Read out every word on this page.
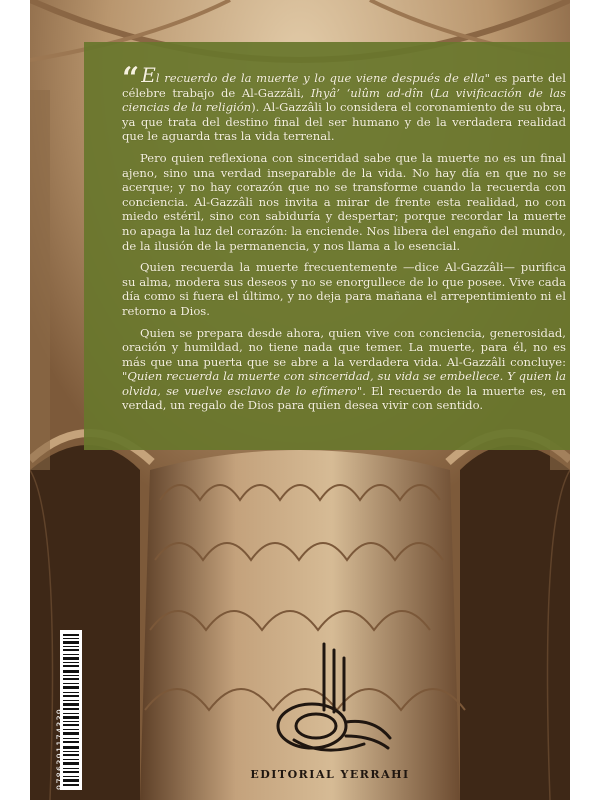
“ El recuerdo de la muerte y lo que viene después de ella" es parte del célebre trabajo de Al-Gazzâli, Ihyâ’ ‘ulûm ad-dîn (La vivificación de las ciencias de la religión). Al-Gazzâli lo considera el coronamiento de su obra, ya que trata del destino final del ser humano y de la verdadera realidad que le aguarda tras la vida terrenal.

Pero quien reflexiona con sinceridad sabe que la muerte no es un final ajeno, sino una verdad inseparable de la vida. No hay día en que no se acerque; y no hay corazón que no se transforme cuando la recuerda con conciencia. Al-Gazzâli nos invita a mirar de frente esta realidad, no con miedo estéril, sino con sabiduría y despertar; porque recordar la muerte no apaga la luz del corazón: la enciende. Nos libera del engaño del mundo, de la ilusión de la permanencia, y nos llama a lo esencial.

Quien recuerda la muerte frecuentemente —dice Al-Gazzâli— purifica su alma, modera sus deseos y no se enorgullece de lo que posee. Vive cada día como si fuera el último, y no deja para mañana el arrepentimiento ni el retorno a Dios.

Quien se prepara desde ahora, quien vive con conciencia, generosidad, oración y humildad, no tiene nada que temer. La muerte, para él, no es más que una puerta que se abre a la verdadera vida. Al-Gazzâli concluye: "Quien recuerda la muerte con sinceridad, su vida se embellece. Y quien la olvida, se vuelve esclavo de lo efímero". El recuerdo de la muerte es, en verdad, un regalo de Dios para quien desea vivir con sentido.

EDITORIAL YERRAHI
9786391174339
